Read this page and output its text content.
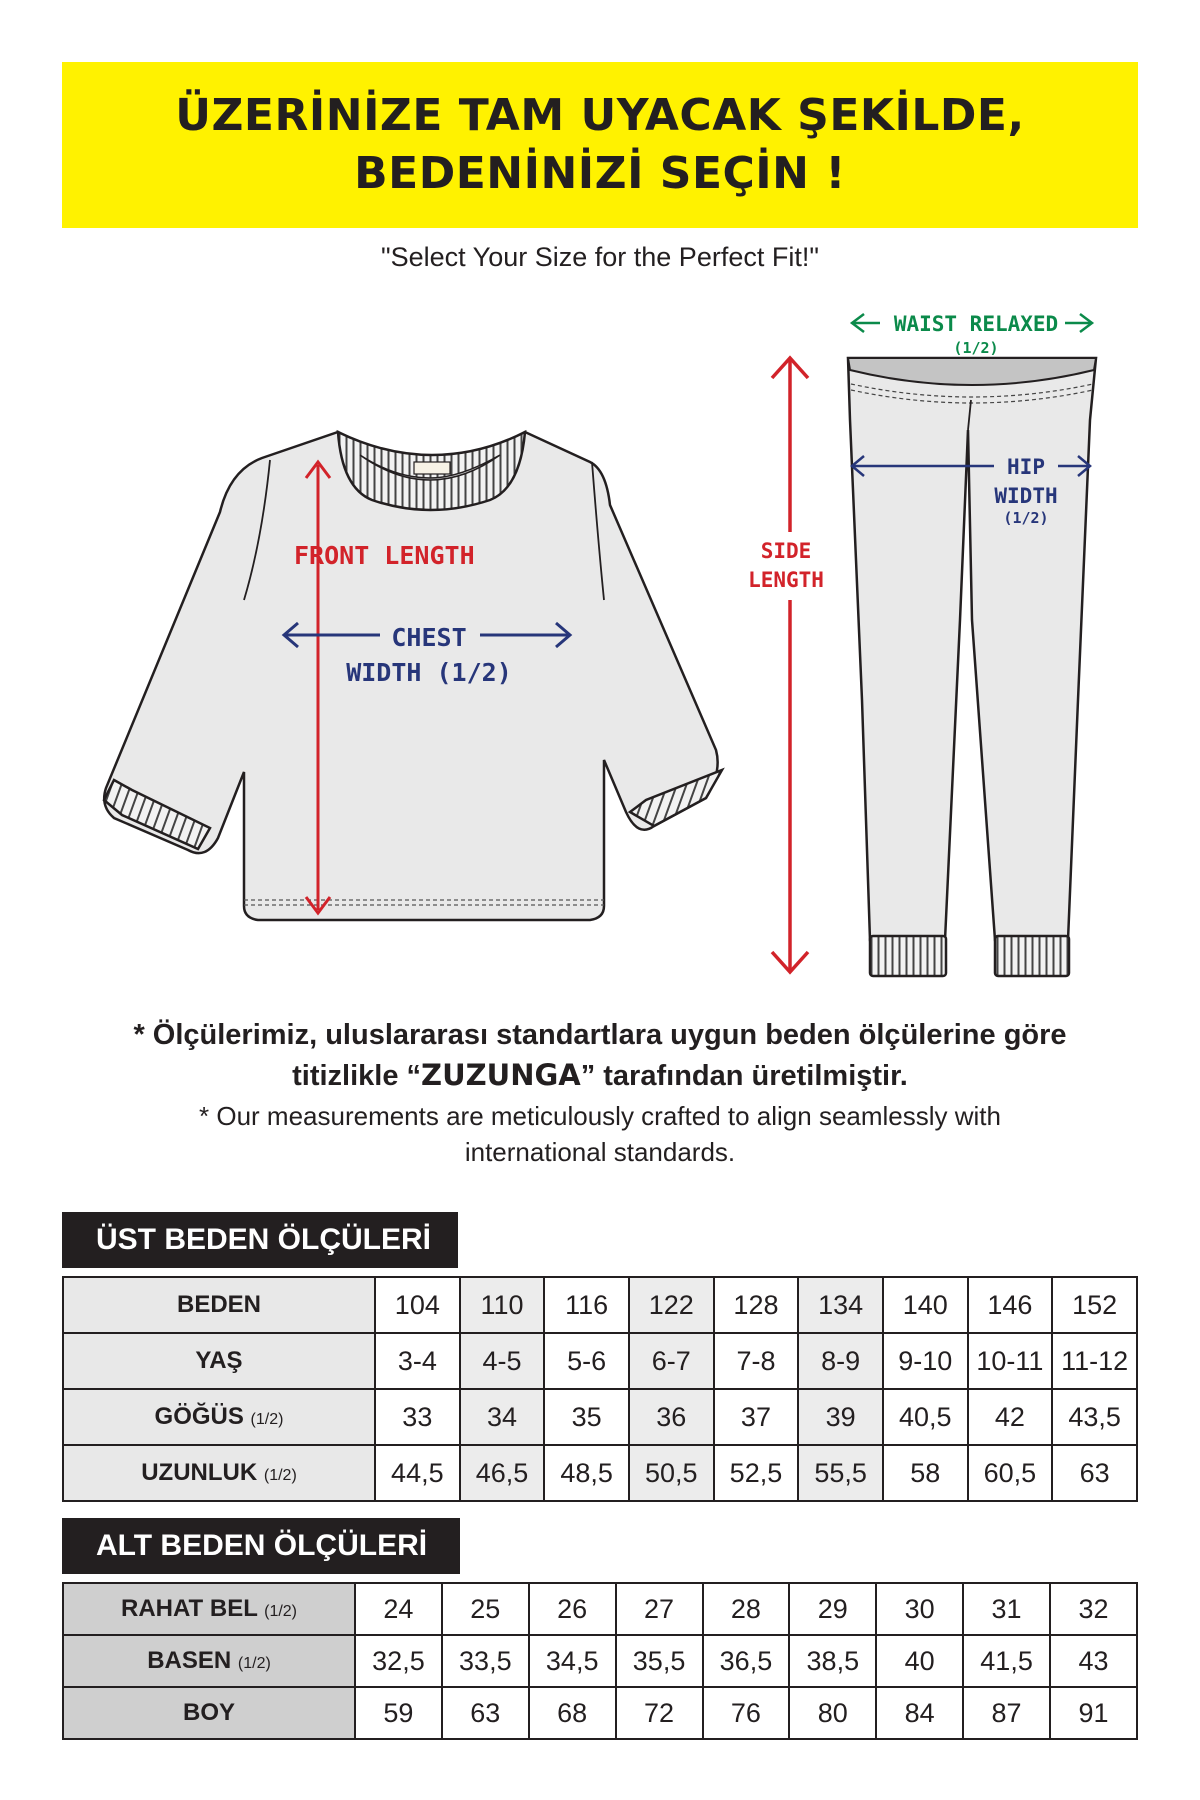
ÜZERİNİZE TAM UYACAK ŞEKİLDE,
BEDENİNİZİ SEÇİN !
"Select Your Size for the Perfect Fit!"
FRONT LENGTH
CHEST
WIDTH (1/2)
SIDE
LENGTH
WAIST RELAXED
(1/2)
HIP
WIDTH
(1/2)
* Ölçülerimiz, uluslararası standartlara uygun beden ölçülerine göre
titizlikle “ZUZUNGA” tarafından üretilmiştir.
* Our measurements are meticulously crafted to align seamlessly with
international standards.
ÜST BEDEN ÖLÇÜLERİ
BEDEN	104	110	116	122	128	134	140	146	152
YAŞ	3-4	4-5	5-6	6-7	7-8	8-9	9-10	10-11	11-12
GÖĞÜS (1/2)	33	34	35	36	37	39	40,5	42	43,5
UZUNLUK (1/2)	44,5	46,5	48,5	50,5	52,5	55,5	58	60,5	63
ALT BEDEN ÖLÇÜLERİ
RAHAT BEL (1/2)	24	25	26	27	28	29	30	31	32
BASEN (1/2)	32,5	33,5	34,5	35,5	36,5	38,5	40	41,5	43
BOY	59	63	68	72	76	80	84	87	91
